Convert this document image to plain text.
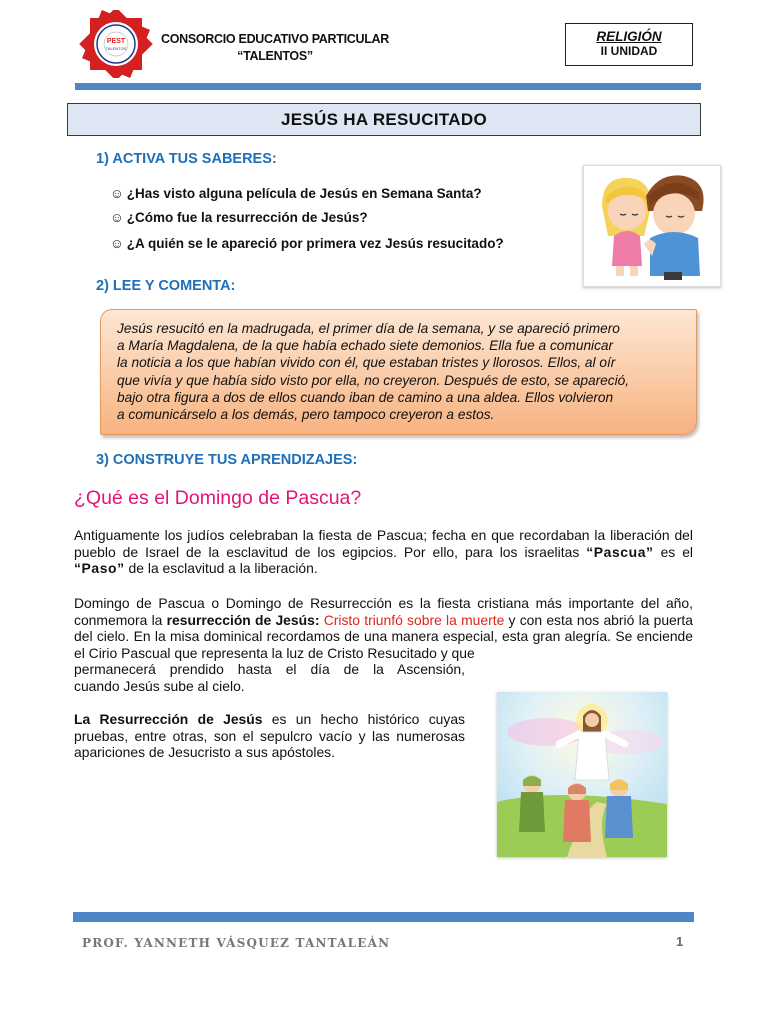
PEST
TALENTOS
CONSORCIO EDUCATIVO PARTICULAR
“TALENTOS”
RELIGIÓN
II UNIDAD
JESÚS HA RESUCITADO
1) ACTIVA TUS SABERES:
☺ ¿Has visto alguna película de Jesús en Semana Santa?
☺ ¿Cómo fue la resurrección de Jesús?
☺ ¿A quién se le apareció por primera vez Jesús resucitado?
2) LEE Y COMENTA:
Jesús resucitó en la madrugada, el primer día de la semana, y se apareció primero
a María Magdalena, de la que había echado siete demonios. Ella fue a comunicar
la noticia a los que habían vivido con él, que estaban tristes y llorosos. Ellos, al oír
que vivía y que había sido visto por ella, no creyeron. Después de esto, se apareció,
bajo otra figura a dos de ellos cuando iban de camino a una aldea. Ellos volvieron
a comunicárselo a los demás, pero tampoco creyeron a estos.
3) CONSTRUYE TUS APRENDIZAJES:
¿Qué es el Domingo de Pascua?
Antiguamente los judíos celebraban la fiesta de Pascua; fecha en que recordaban la liberación del pueblo de Israel de la esclavitud de los egipcios. Por ello, para los israelitas “Pascua” es el “Paso” de la esclavitud a la liberación.
Domingo de Pascua o Domingo de Resurrección es la fiesta cristiana más importante del año, conmemora la resurrección de Jesús: Cristo triunfó sobre la muerte y con esta nos abrió la puerta del cielo. En la misa dominical recordamos de una manera especial, esta gran alegría. Se enciende el Cirio Pascual que representa la luz de Cristo Resucitado y que
permanecerá prendido hasta el día de la Ascensión,
cuando Jesús sube al cielo.
La Resurrección de Jesús es un hecho histórico cuyas pruebas, entre otras, son el sepulcro vacío y las numerosas apariciones de Jesucristo a sus apóstoles.
PROF. YANNETH VÁSQUEZ TANTALEÁN	1
